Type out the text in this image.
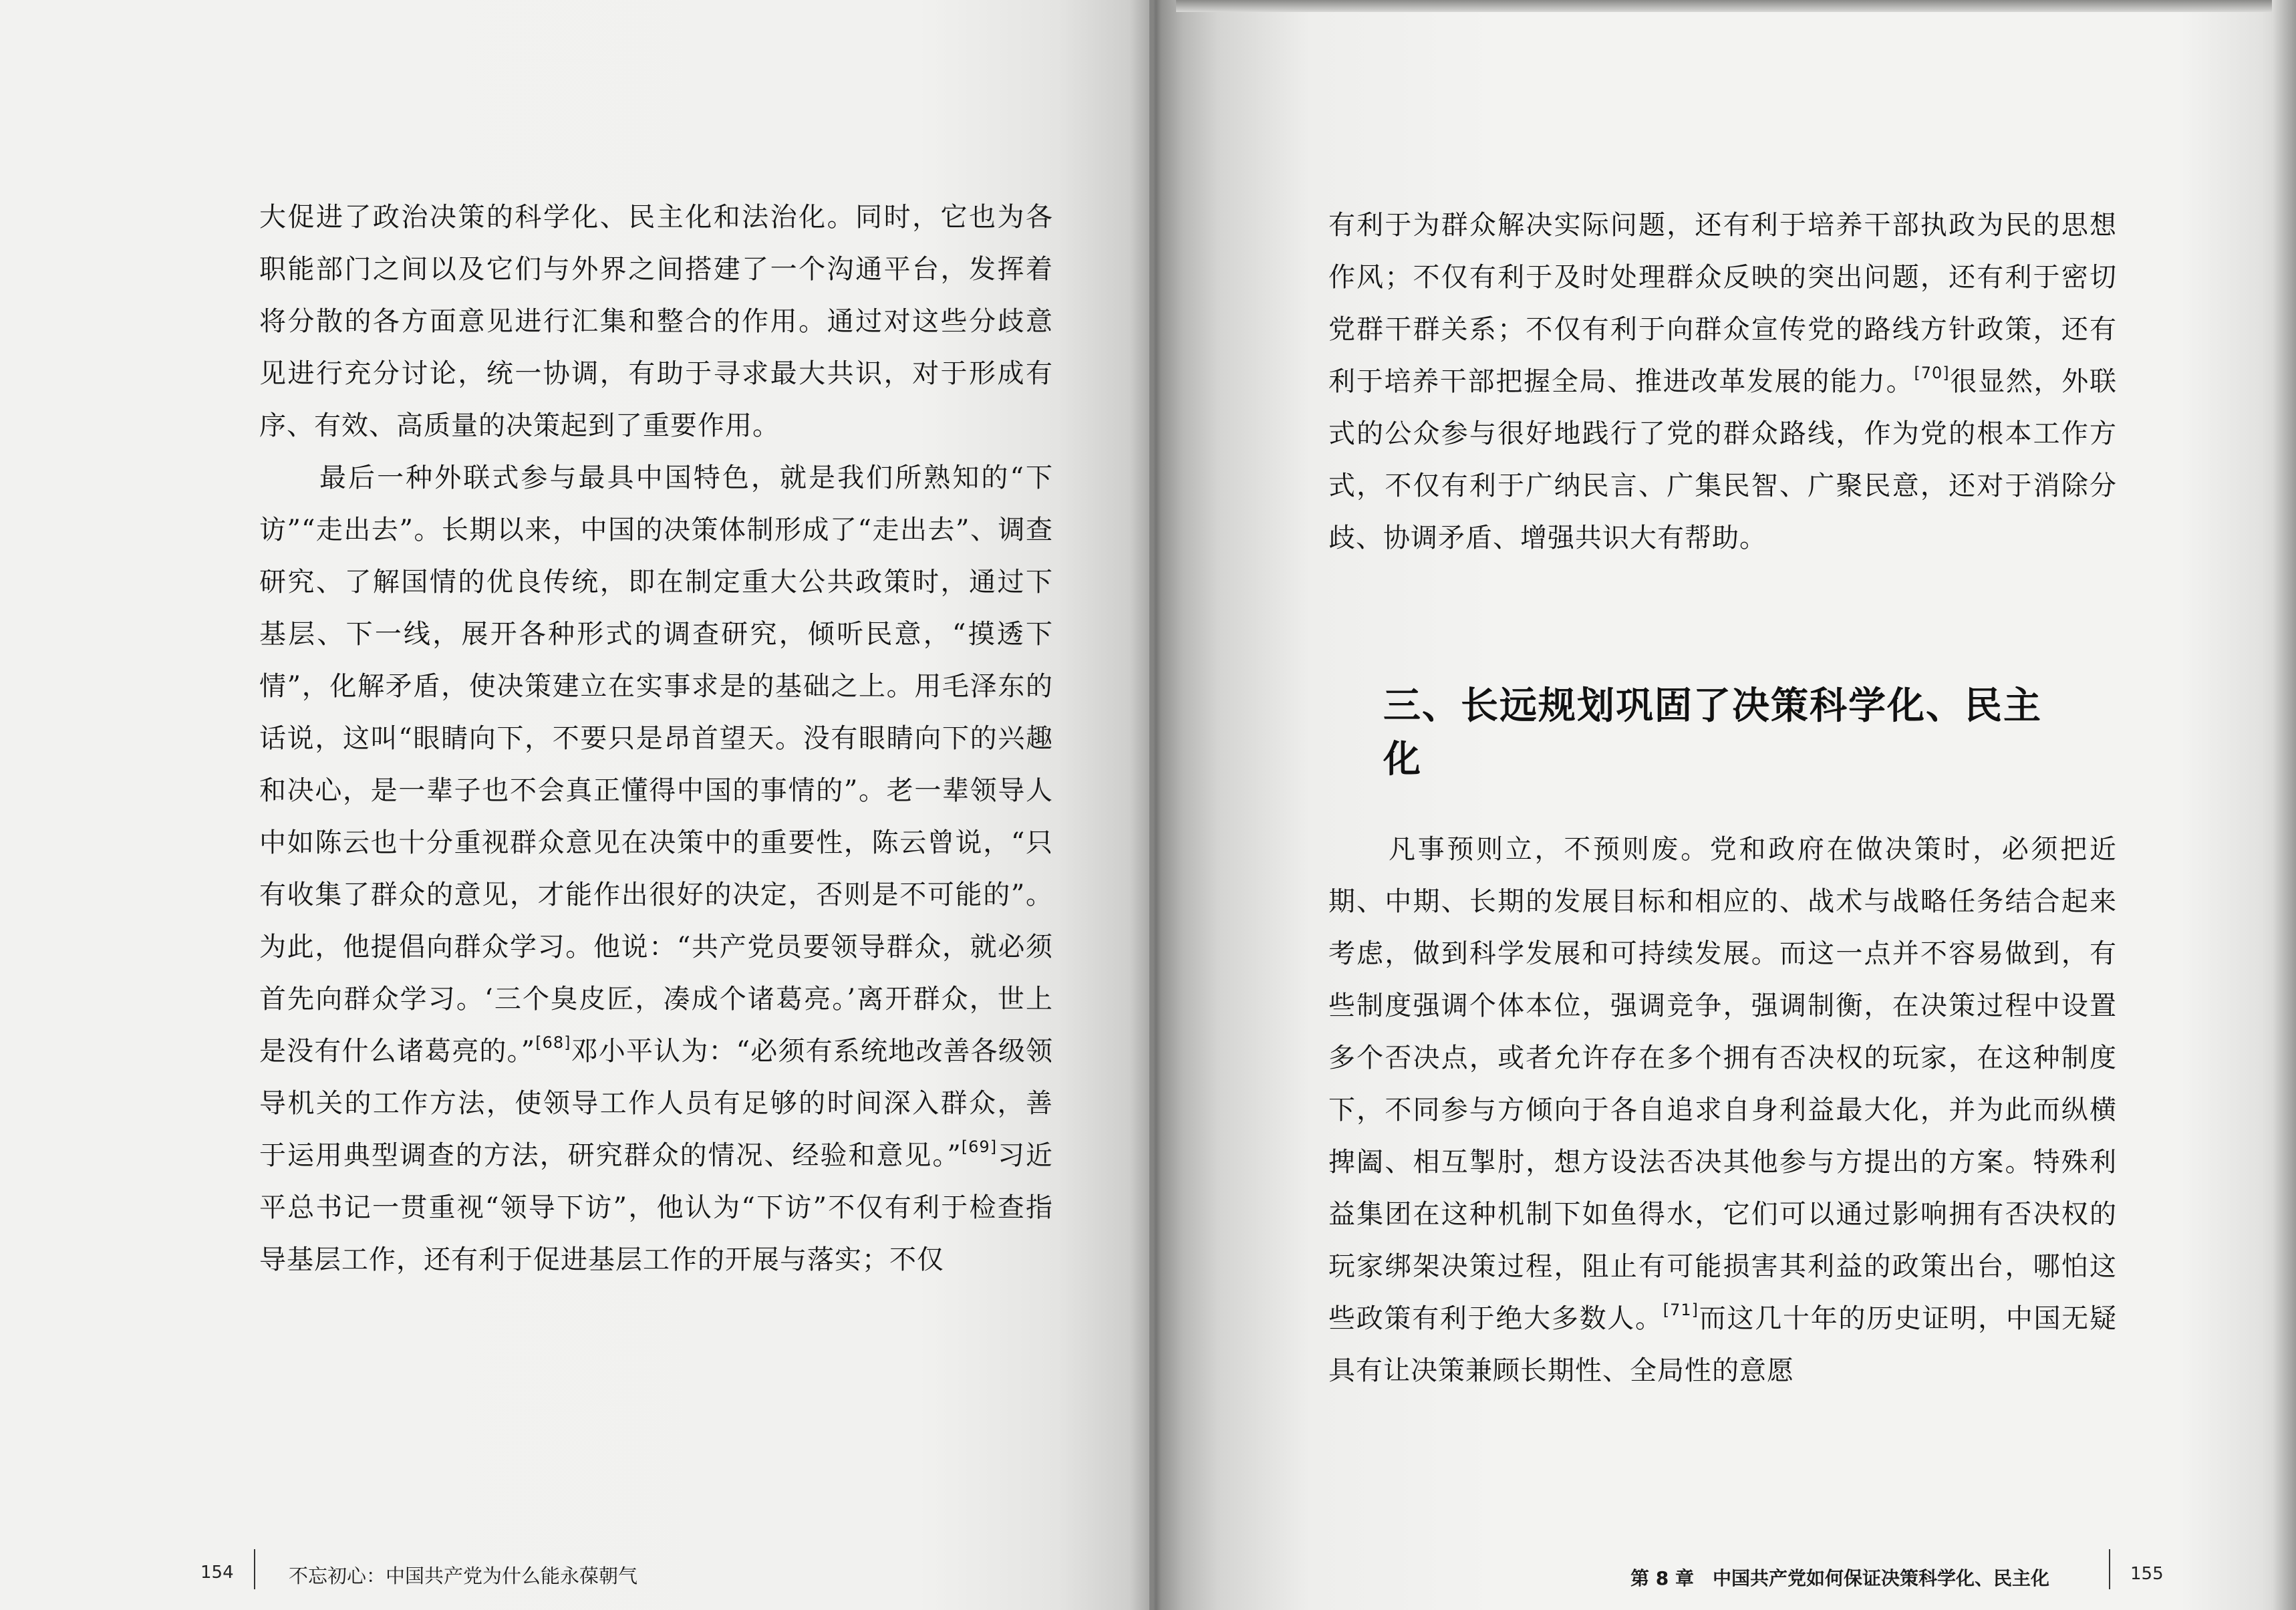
大促进了政治决策的科学化、民主化和法治化。同时，它也为各职能部门之间以及它们与外界之间搭建了一个沟通平台，发挥着将分散的各方面意见进行汇集和整合的作用。通过对这些分歧意见进行充分讨论，统一协调，有助于寻求最大共识，对于形成有序、有效、高质量的决策起到了重要作用。

最后一种外联式参与最具中国特色，就是我们所熟知的“下访”“走出去”。长期以来，中国的决策体制形成了“走出去”、调查研究、了解国情的优良传统，即在制定重大公共政策时，通过下基层、下一线，展开各种形式的调查研究，倾听民意，“摸透下情”，化解矛盾，使决策建立在实事求是的基础之上。用毛泽东的话说，这叫“眼睛向下，不要只是昂首望天。没有眼睛向下的兴趣和决心，是一辈子也不会真正懂得中国的事情的”。老一辈领导人中如陈云也十分重视群众意见在决策中的重要性，陈云曾说，“只有收集了群众的意见，才能作出很好的决定，否则是不可能的”。为此，他提倡向群众学习。他说：“共产党员要领导群众，就必须首先向群众学习。‘三个臭皮匠，凑成个诸葛亮。’离开群众，世上是没有什么诸葛亮的。”[68]邓小平认为：“必须有系统地改善各级领导机关的工作方法，使领导工作人员有足够的时间深入群众，善于运用典型调查的方法，研究群众的情况、经验和意见。”[69]习近平总书记一贯重视“领导下访”，他认为“下访”不仅有利于检查指导基层工作，还有利于促进基层工作的开展与落实；不仅

有利于为群众解决实际问题，还有利于培养干部执政为民的思想作风；不仅有利于及时处理群众反映的突出问题，还有利于密切党群干群关系；不仅有利于向群众宣传党的路线方针政策，还有利于培养干部把握全局、推进改革发展的能力。[70]很显然，外联式的公众参与很好地践行了党的群众路线，作为党的根本工作方式，不仅有利于广纳民言、广集民智、广聚民意，还对于消除分歧、协调矛盾、增强共识大有帮助。

三、长远规划巩固了决策科学化、民主化

凡事预则立，不预则废。党和政府在做决策时，必须把近期、中期、长期的发展目标和相应的、战术与战略任务结合起来考虑，做到科学发展和可持续发展。而这一点并不容易做到，有些制度强调个体本位，强调竞争，强调制衡，在决策过程中设置多个否决点，或者允许存在多个拥有否决权的玩家，在这种制度下，不同参与方倾向于各自追求自身利益最大化，并为此而纵横捭阖、相互掣肘，想方设法否决其他参与方提出的方案。特殊利益集团在这种机制下如鱼得水，它们可以通过影响拥有否决权的玩家绑架决策过程，阻止有可能损害其利益的政策出台，哪怕这些政策有利于绝大多数人。[71]而这几十年的历史证明，中国无疑具有让决策兼顾长期性、全局性的意愿

154	不忘初心：中国共产党为什么能永葆朝气	第 8 章　中国共产党如何保证决策科学化、民主化	155
